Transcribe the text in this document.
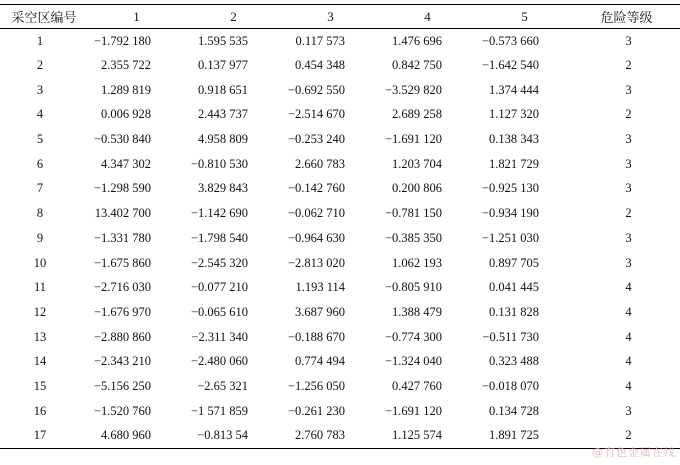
采空区编号	1	2	3	4	5	危险等级
1	−1.792 180	1.595 535	0.117 573	1.476 696	−0.573 660	3
2	2.355 722	0.137 977	0.454 348	0.842 750	−1.642 540	2
3	1.289 819	0.918 651	−0.692 550	−3.529 820	1.374 444	3
4	0.006 928	2.443 737	−2.514 670	2.689 258	1.127 320	2
5	−0.530 840	4.958 809	−0.253 240	−1.691 120	0.138 343	3
6	4.347 302	−0.810 530	2.660 783	1.203 704	1.821 729	3
7	−1.298 590	3.829 843	−0.142 760	0.200 806	−0.925 130	3
8	13.402 700	−1.142 690	−0.062 710	−0.781 150	−0.934 190	2
9	−1.331 780	−1.798 540	−0.964 630	−0.385 350	−1.251 030	3
10	−1.675 860	−2.545 320	−2.813 020	1.062 193	0.897 705	3
11	−2.716 030	−0.077 210	1.193 114	−0.805 910	0.041 445	4
12	−1.676 970	−0.065 610	3.687 960	1.388 479	0.131 828	4
13	−2.880 860	−2.311 340	−0.188 670	−0.774 300	−0.511 730	4
14	−2.343 210	−2.480 060	0.774 494	−1.324 040	0.323 488	4
15	−5.156 250	−2.65 321	−1.256 050	0.427 760	−0.018 070	4
16	−1.520 760	−1 571 859	−0.261 230	−1.691 120	0.134 728	3
17	4.680 960	−0.813 54	2.760 783	1.125 574	1.891 725	2
@有色金属在线
